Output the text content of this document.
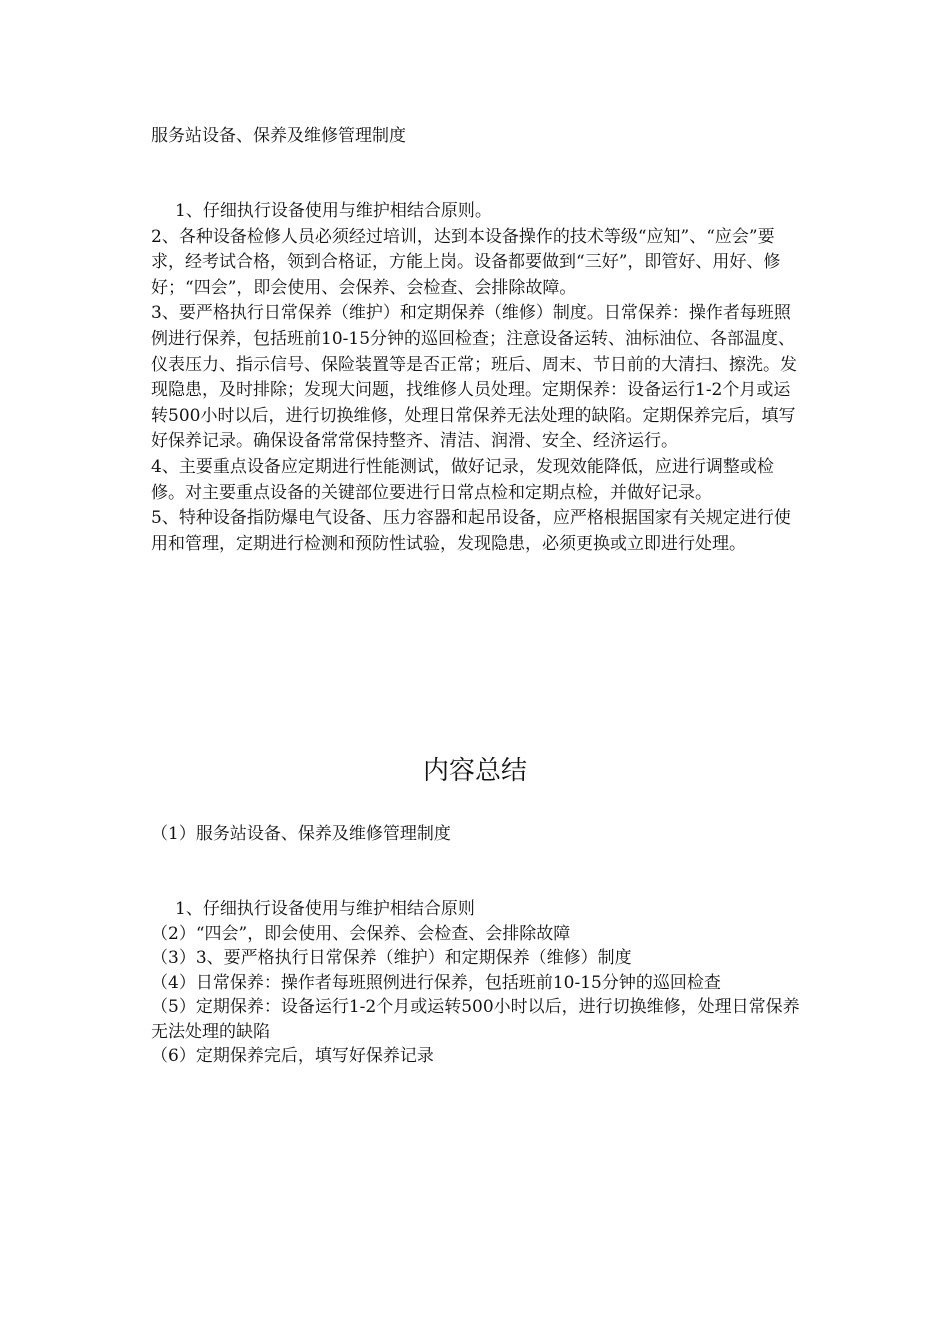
服务站设备、保养及维修管理制度

1、仔细执行设备使用与维护相结合原则。

2、各种设备检修人员必须经过培训，达到本设备操作的技术等级“应知”、“应会”要求，经考试合格，领到合格证，方能上岗。设备都要做到“三好”，即管好、用好、修好；“四会”，即会使用、会保养、会检查、会排除故障。

3、要严格执行日常保养（维护）和定期保养（维修）制度。日常保养：操作者每班照例进行保养，包括班前10-15分钟的巡回检查；注意设备运转、油标油位、各部温度、仪表压力、指示信号、保险装置等是否正常；班后、周末、节日前的大清扫、擦洗。发现隐患，及时排除；发现大问题，找维修人员处理。定期保养：设备运行1-2个月或运转500小时以后，进行切换维修，处理日常保养无法处理的缺陷。定期保养完后，填写好保养记录。确保设备常常保持整齐、清洁、润滑、安全、经济运行。

4、主要重点设备应定期进行性能测试，做好记录，发现效能降低，应进行调整或检修。对主要重点设备的关键部位要进行日常点检和定期点检，并做好记录。

5、特种设备指防爆电气设备、压力容器和起吊设备，应严格根据国家有关规定进行使用和管理，定期进行检测和预防性试验，发现隐患，必须更换或立即进行处理。

内容总结
（1）服务站设备、保养及维修管理制度

1、仔细执行设备使用与维护相结合原则

（2）“四会”，即会使用、会保养、会检查、会排除故障

（3）3、要严格执行日常保养（维护）和定期保养（维修）制度

（4）日常保养：操作者每班照例进行保养，包括班前10-15分钟的巡回检查

（5）定期保养：设备运行1-2个月或运转500小时以后，进行切换维修，处理日常保养无法处理的缺陷

（6）定期保养完后，填写好保养记录
